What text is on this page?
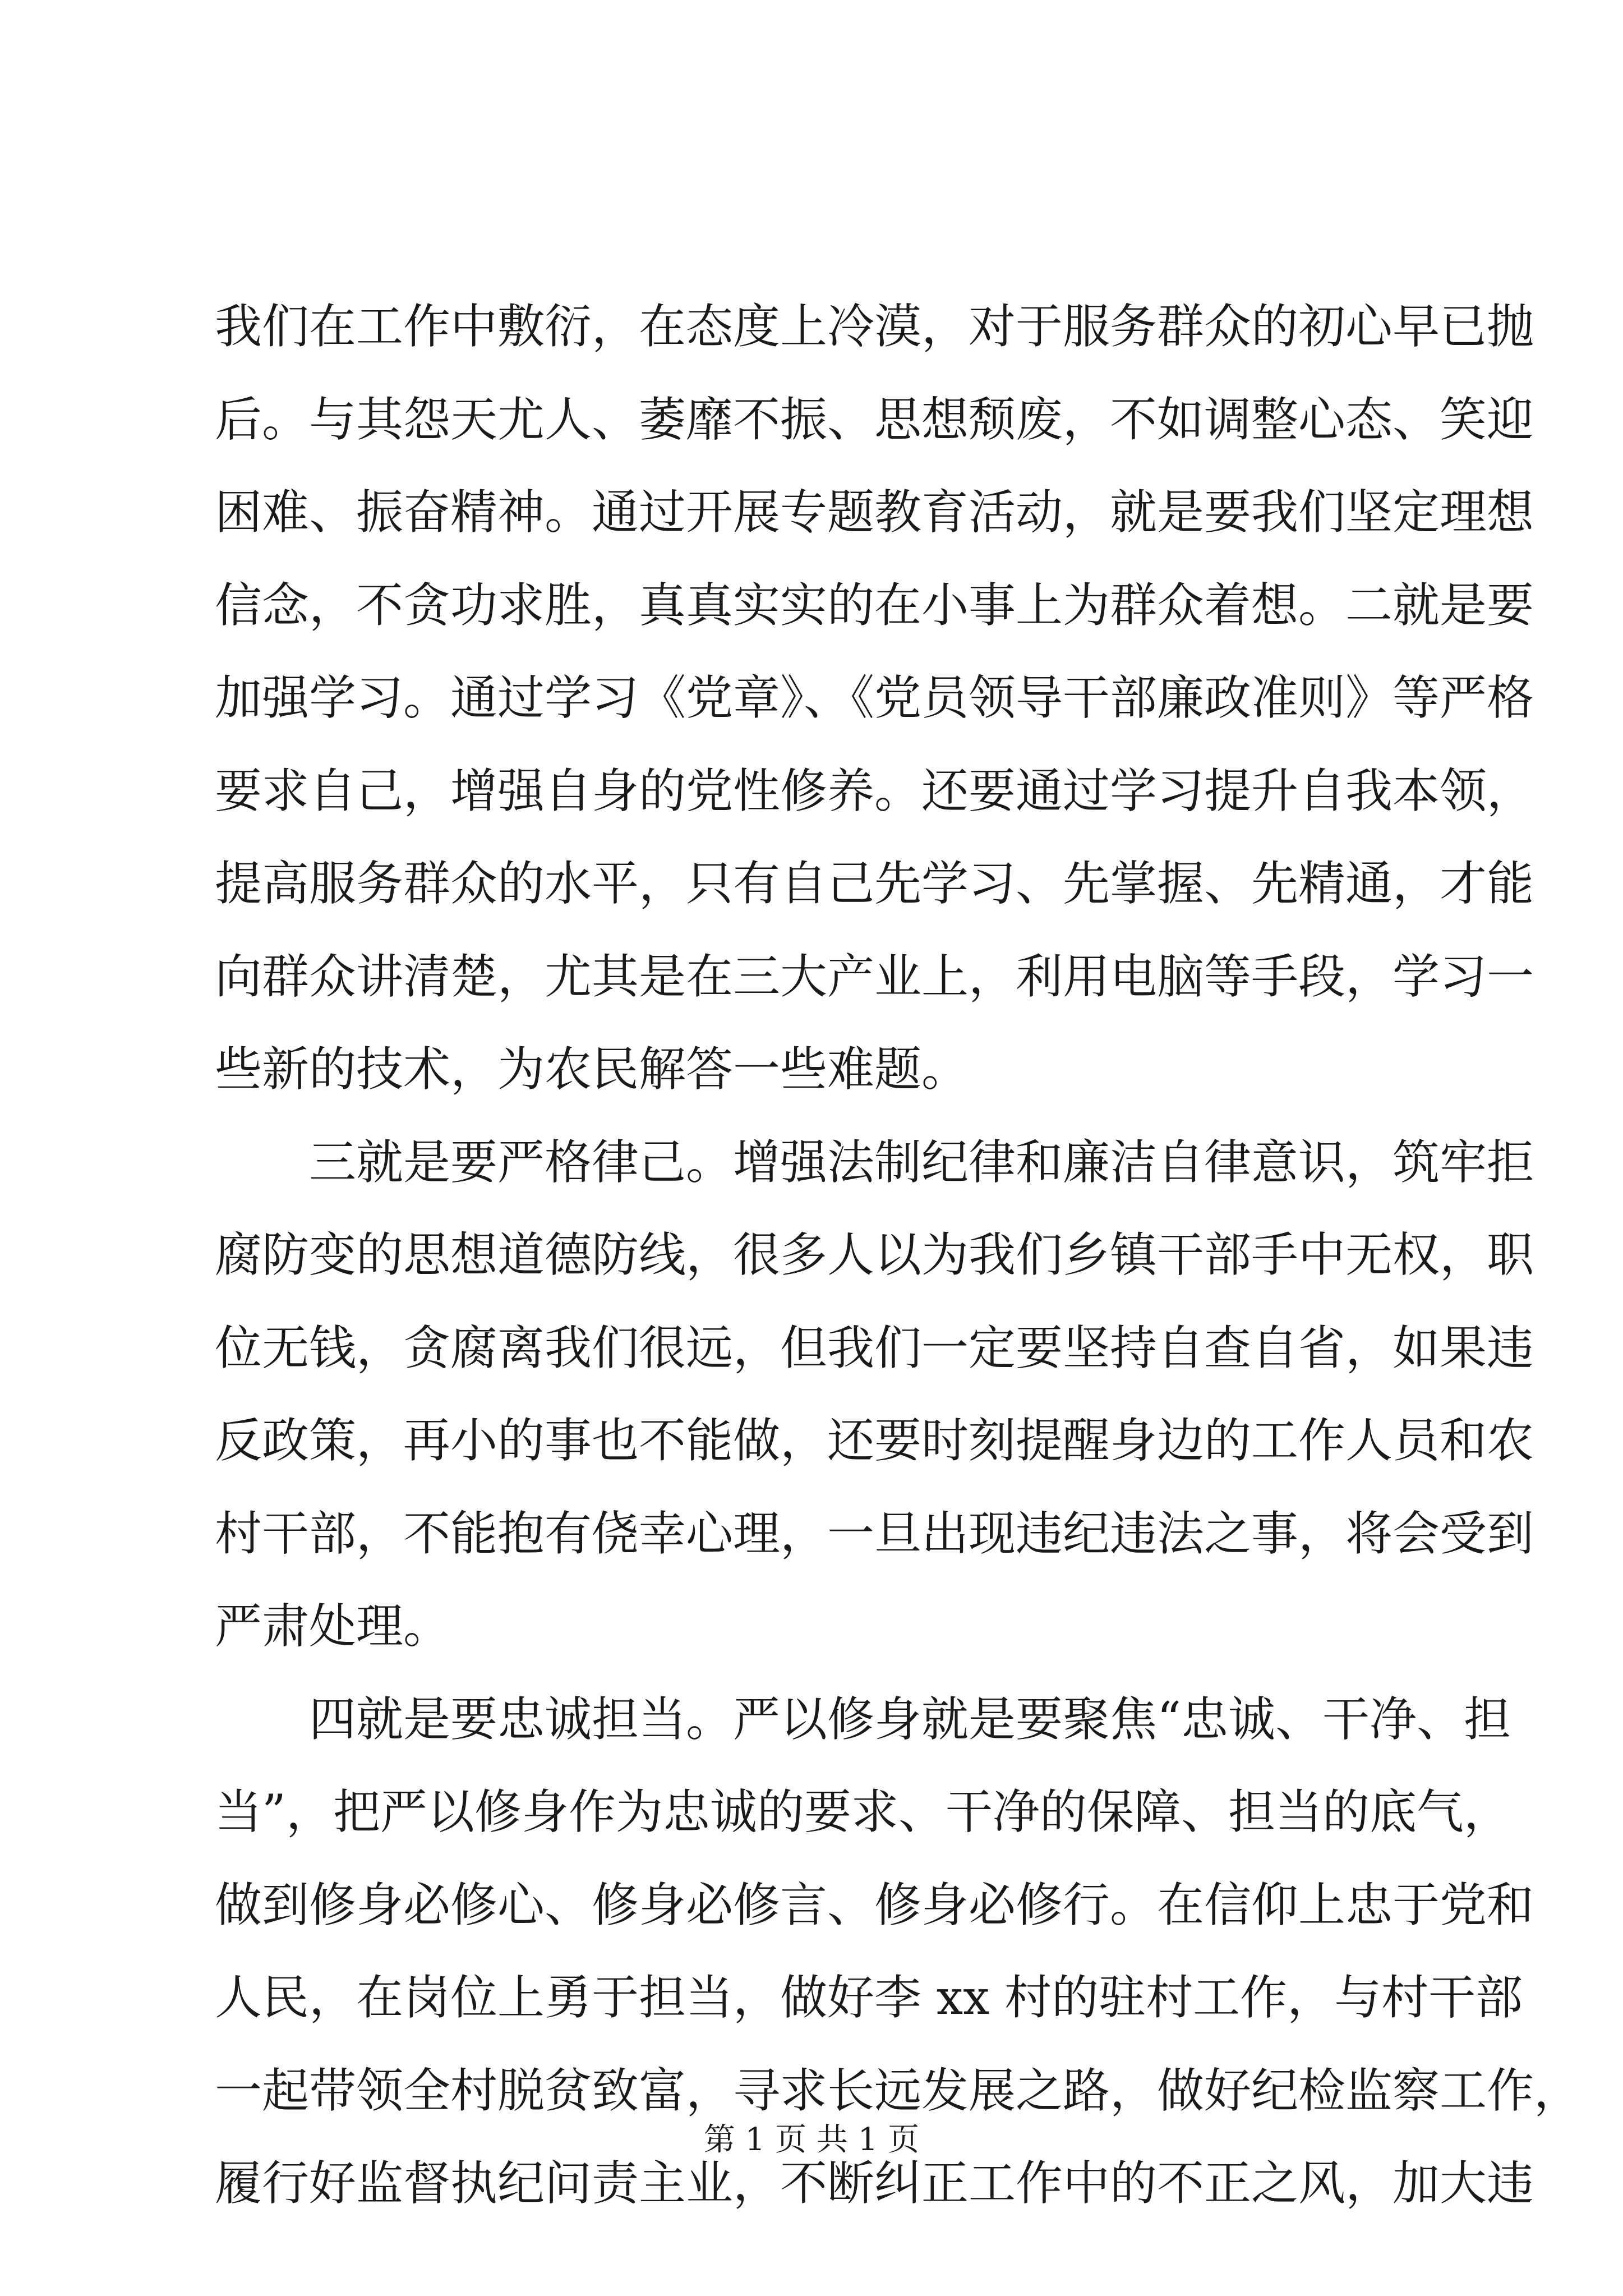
我们在工作中敷衍，在态度上冷漠，对于服务群众的初心早已抛
后。与其怨天尤人、萎靡不振、思想颓废，不如调整心态、笑迎
困难、振奋精神。通过开展专题教育活动，就是要我们坚定理想
信念，不贪功求胜，真真实实的在小事上为群众着想。二就是要
加强学习。通过学习《党章》、《党员领导干部廉政准则》等严格
要求自己，增强自身的党性修养。还要通过学习提升自我本领，
提高服务群众的水平，只有自己先学习、先掌握、先精通，才能
向群众讲清楚，尤其是在三大产业上，利用电脑等手段，学习一
些新的技术，为农民解答一些难题。
三就是要严格律己。增强法制纪律和廉洁自律意识，筑牢拒
腐防变的思想道德防线，很多人以为我们乡镇干部手中无权，职
位无钱，贪腐离我们很远，但我们一定要坚持自查自省，如果违
反政策，再小的事也不能做，还要时刻提醒身边的工作人员和农
村干部，不能抱有侥幸心理，一旦出现违纪违法之事，将会受到
严肃处理。
四就是要忠诚担当。严以修身就是要聚焦“忠诚、干净、担
当”，把严以修身作为忠诚的要求、干净的保障、担当的底气，
做到修身必修心、修身必修言、修身必修行。在信仰上忠于党和
人民，在岗位上勇于担当，做好李 xx 村的驻村工作，与村干部
一起带领全村脱贫致富，寻求长远发展之路，做好纪检监察工作，
履行好监督执纪问责主业，不断纠正工作中的不正之风，加大违
第 1 页 共 1 页
